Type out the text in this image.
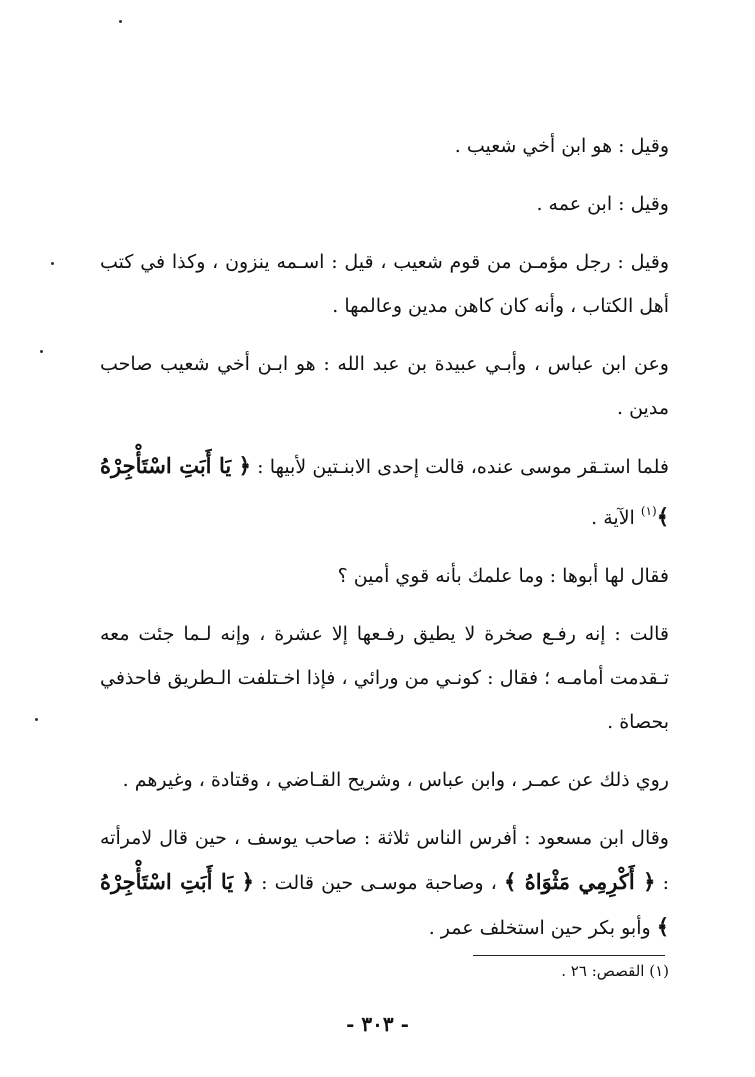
وقيل : هو ابن أخي شعيب .

وقيل : ابن عمه .

وقيل : رجل مؤمـن من قوم شعيب ، قيل : اسـمه ينزون ، وكذا في كتب أهل الكتاب ، وأنه كان كاهن مدين وعالمها .

وعن ابن عباس ، وأبـي عبيدة بن عبد الله : هو ابـن أخي شعيب صاحب مدين .

فلما استـقر موسى عنده، قالت إحدى الابنـتين لأبيها : ﴿ يَا أَبَتِ اسْتَأْجِرْهُ ﴾$^{(١)}$ الآية .

فقال لها أبوها : وما علمك بأنه قوي أمين ؟

قالت : إنه رفـع صخرة لا يطيق رفـعها إلا عشرة ، وإنه لـما جئت معه تـقدمت أمامـه ؛ فقال : كونـي من ورائي ، فإذا اخـتلفت الـطريق فاحذفي بحصاة .

روي ذلك عن عمـر ، وابن عباس ، وشريح القـاضي ، وقتادة ، وغيرهم .

وقال ابن مسعود : أفرس الناس ثلاثة : صاحب يوسف ، حين قال لامرأته : ﴿ أَكْرِمِي مَثْوَاهُ ﴾ ، وصاحبة موسـى حين قالت : ﴿ يَا أَبَتِ اسْتَأْجِرْهُ ﴾ وأبو بكر حين استخلف عمر .

(١) القصص: ٢٦ .
- ٣٠٣ -
